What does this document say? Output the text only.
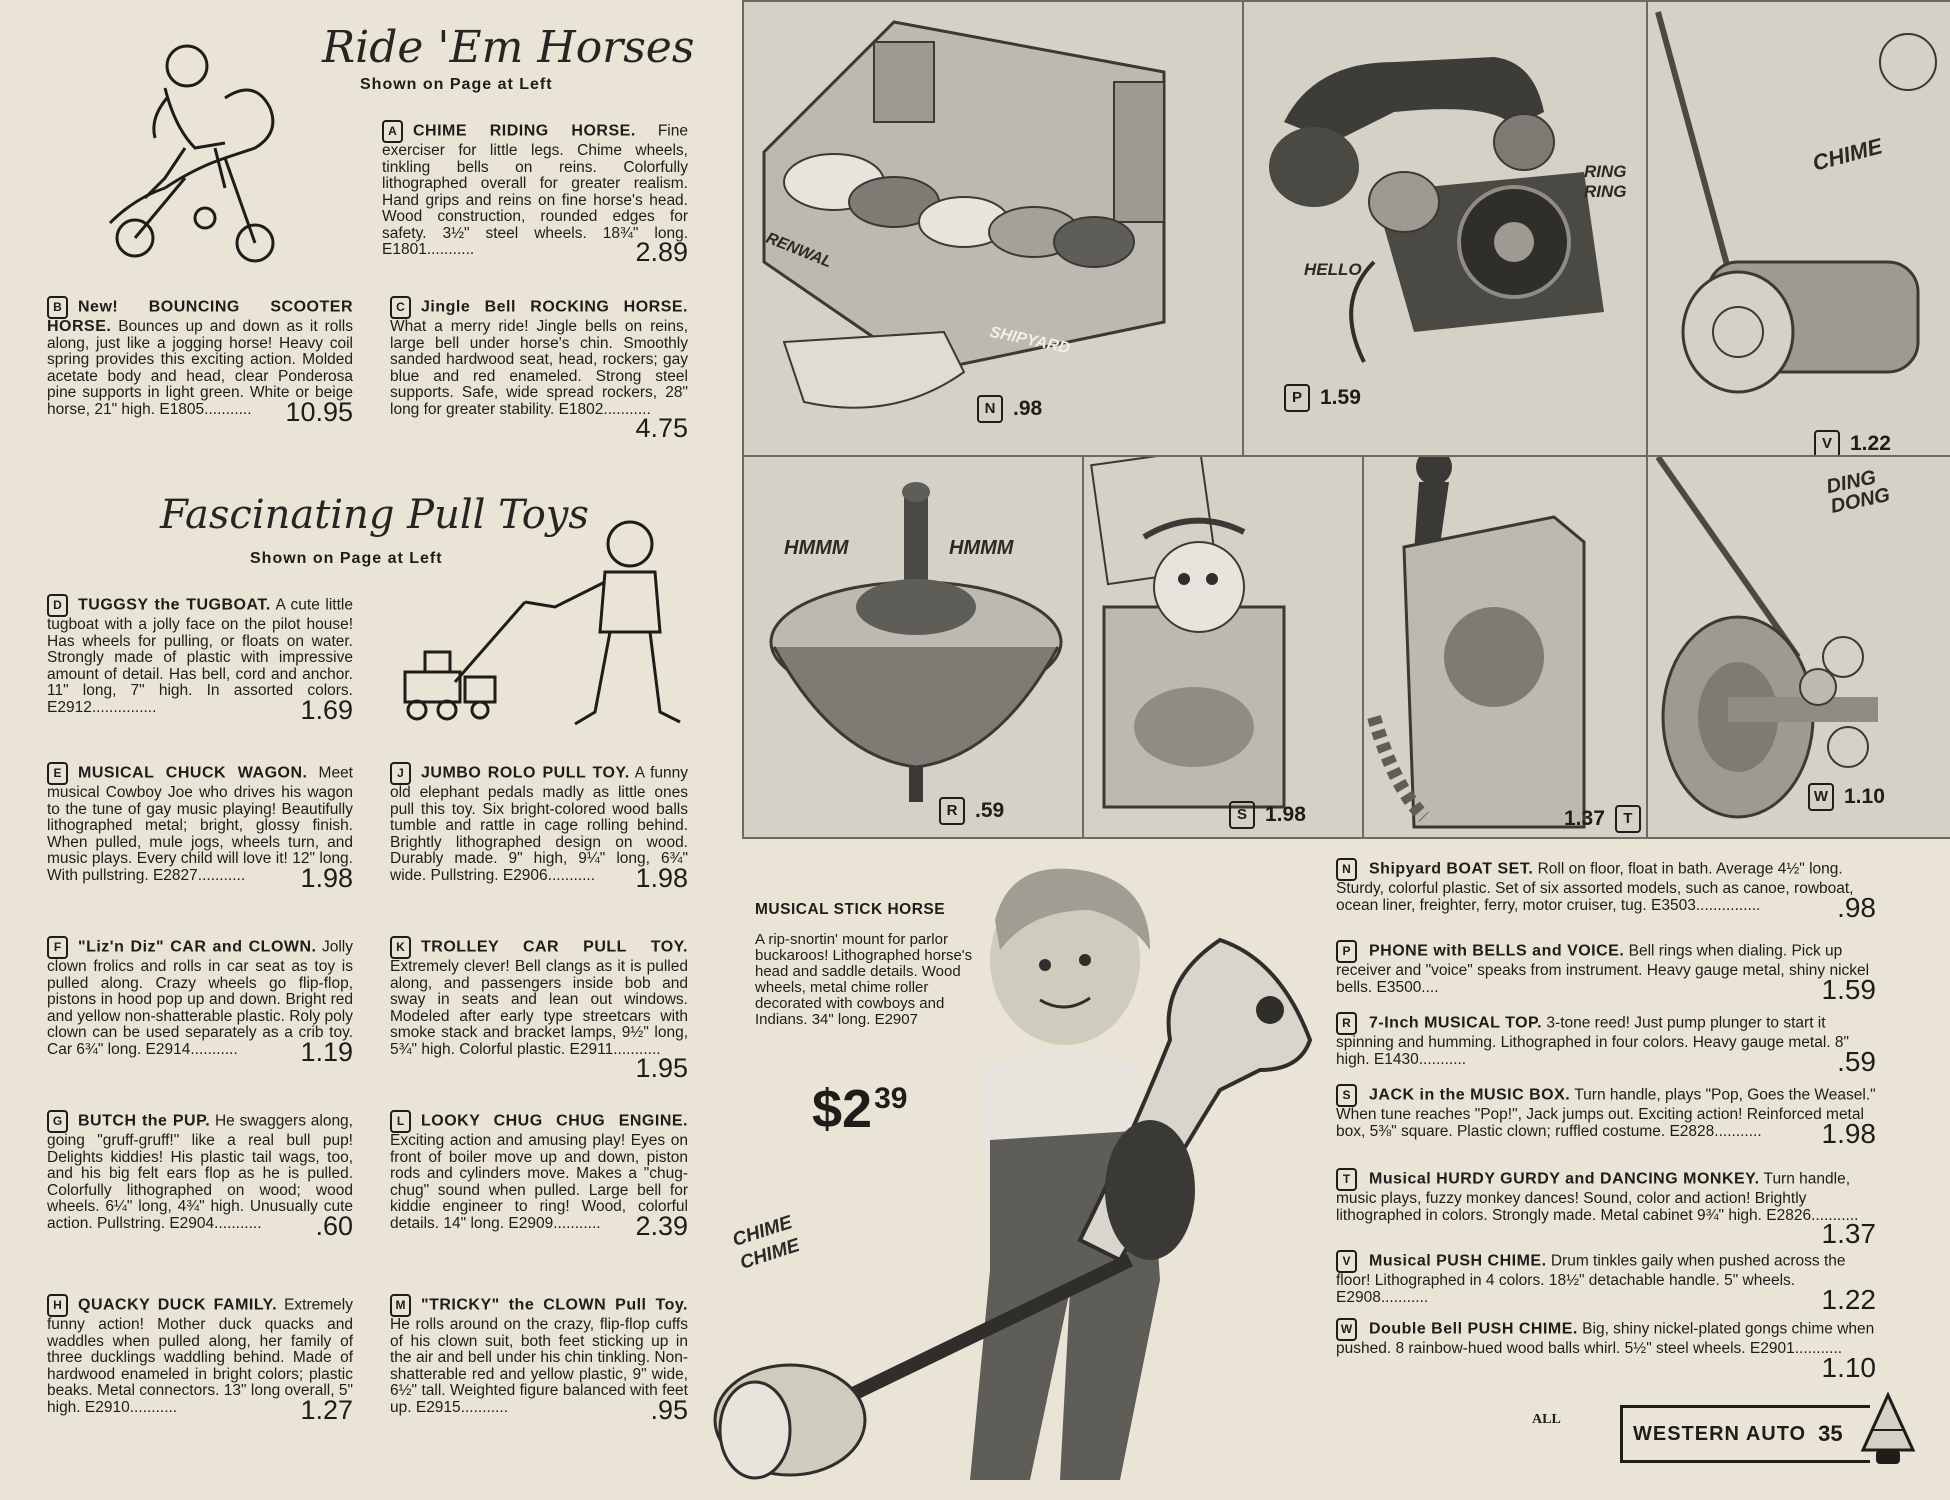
Ride 'Em Horses
Shown on Page at Left
A CHIME RIDING HORSE. Fine exerciser for little legs. Chime wheels, tinkling bells on reins. Colorfully lithographed overall for greater realism. Hand grips and reins on fine horse's head. Wood construction, rounded edges for safety. 3½" steel wheels. 18¾" long. E1801...........	2.89
B New! BOUNCING SCOOTER HORSE. Bounces up and down as it rolls along, just like a jogging horse! Heavy coil spring provides this exciting action. Molded acetate body and head, clear Ponderosa pine supports in light green. White or beige horse, 21" high. E1805........... 10.95
C Jingle Bell ROCKING HORSE. What a merry ride! Jingle bells on reins, large bell under horse's chin. Smoothly sanded hardwood seat, head, rockers; gay blue and red enameled. Strong steel supports. Safe, wide spread rockers, 28" long for greater stability. E1802...........
4.75
Fascinating Pull Toys
Shown on Page at Left
D TUGGSY the TUGBOAT. A cute little tugboat with a jolly face on the pilot house! Has wheels for pulling, or floats on water. Strongly made of plastic with impressive amount of detail. Has bell, cord and anchor. 11" long, 7" high. In assorted colors. E2912...............	1.69
E MUSICAL CHUCK WAGON. Meet musical Cowboy Joe who drives his wagon to the tune of gay music playing! Beautifully lithographed metal; bright, glossy finish. When pulled, mule jogs, wheels turn, and music plays. Every child will love it! 12" long. With pullstring. E2827........... 1.98
F "Liz'n Diz" CAR and CLOWN. Jolly clown frolics and rolls in car seat as toy is pulled along. Crazy wheels go flip-flop, pistons in hood pop up and down. Bright red and yellow non-shatterable plastic. Roly poly clown can be used separately as a crib toy. Car 6¾" long. E2914........... 1.19
G BUTCH the PUP. He swaggers along, going "gruff-gruff!" like a real bull pup! Delights kiddies! His plastic tail wags, too, and his big felt ears flop as he is pulled. Colorfully lithographed on wood; wood wheels. 6¼" long, 4¾" high. Unusually cute action. Pullstring. E2904........... .60
H QUACKY DUCK FAMILY. Extremely funny action! Mother duck quacks and waddles when pulled along, her family of three ducklings waddling behind. Made of hardwood enameled in bright colors; plastic beaks. Metal connectors. 13" long overall, 5" high. E2910...........	1.27
J JUMBO ROLO PULL TOY. A funny old elephant pedals madly as little ones pull this toy. Six bright-colored wood balls tumble and rattle in cage rolling behind. Brightly lithographed design on wood. Durably made. 9" high, 9¼" long, 6¾" wide. Pullstring. E2906........... 1.98
K TROLLEY CAR PULL TOY. Extremely clever! Bell clangs as it is pulled along, and passengers inside bob and sway in seats and lean out windows. Modeled after early type streetcars with smoke stack and bracket lamps, 9½" long, 5¾" high. Colorful plastic. E2911...........
1.95
L LOOKY CHUG CHUG ENGINE. Exciting action and amusing play! Eyes on front of boiler move up and down, piston rods and cylinders move. Makes a "chug-chug" sound when pulled. Large bell for kiddie engineer to ring! Wood, colorful details. 14" long. E2909........... 2.39
M "TRICKY" the CLOWN Pull Toy. He rolls around on the crazy, flip-flop cuffs of his clown suit, both feet sticking up in the air and bell under his chin tinkling. Non-shatterable red and yellow plastic, 9" wide, 6½" tall. Weighted figure balanced with feet up. E2915...........	.95
RENWAL
SHIPYARD
N .98
RING RING
HELLO
P 1.59
CHIME
V 1.22
HMMM	HMMM
R .59	S 1.98	1.37	T
DING DONG
W 1.10
MUSICAL STICK HORSE
A rip-snortin' mount for parlor buckaroos! Lithographed horse's head and saddle details. Wood wheels, metal chime roller decorated with cowboys and Indians. 34" long. E2907
$2 39
CHIME CHIME
N Shipyard BOAT SET. Roll on floor, float in bath. Average 4½" long. Sturdy, colorful plastic. Set of six assorted models, such as canoe, rowboat, ocean liner, freighter, ferry, motor cruiser, tug. E3503...............	.98
P PHONE with BELLS and VOICE. Bell rings when dialing. Pick up receiver and "voice" speaks from instrument. Heavy gauge metal, shiny nickel bells. E3500....	1.59
R 7-Inch MUSICAL TOP. 3-tone reed! Just pump plunger to start it spinning and humming. Lithographed in four colors. Heavy gauge metal. 8" high. E1430...........	.59
S JACK in the MUSIC BOX. Turn handle, plays "Pop, Goes the Weasel." When tune reaches "Pop!", Jack jumps out. Exciting action! Reinforced metal box, 5⅜" square. Plastic clown; ruffled costume. E2828........... 1.98
T Musical HURDY GURDY and DANCING MONKEY. Turn handle, music plays, fuzzy monkey dances! Sound, color and action! Brightly lithographed in colors. Strongly made. Metal cabinet 9¾" high. E2826...........
1.37
V Musical PUSH CHIME. Drum tinkles gaily when pushed across the floor! Lithographed in 4 colors. 18½" detachable handle. 5" wheels. E2908...........	1.22
W Double Bell PUSH CHIME. Big, shiny nickel-plated gongs chime when pushed. 8 rainbow-hued wood balls whirl. 5½" steel wheels. E2901...........
1.10
ALL
WESTERN AUTO 35
